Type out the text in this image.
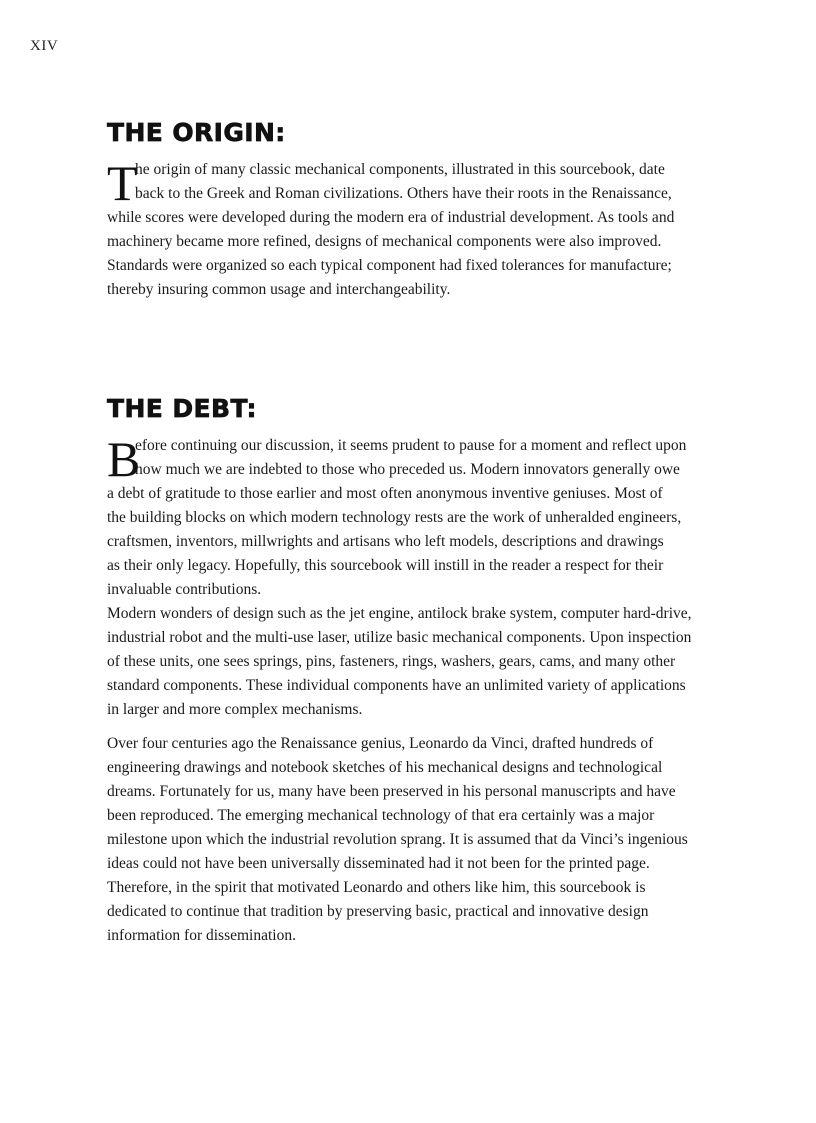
XIV
THE ORIGIN:
T

he origin of many classic mechanical components, illustrated in this sourcebook, date
back to the Greek and Roman civilizations. Others have their roots in the Renaissance,
while scores were developed during the modern era of industrial development. As tools and
machinery became more refined, designs of mechanical components were also improved.
Standards were organized so each typical component had fixed tolerances for manufacture;
thereby insuring common usage and interchangeability.

THE DEBT:
B

efore continuing our discussion, it seems prudent to pause for a moment and reflect upon
how much we are indebted to those who preceded us. Modern innovators generally owe
a debt of gratitude to those earlier and most often anonymous inventive geniuses. Most of
the building blocks on which modern technology rests are the work of unheralded engineers,
craftsmen, inventors, millwrights and artisans who left models, descriptions and drawings
as their only legacy. Hopefully, this sourcebook will instill in the reader a respect for their
invaluable contributions.

Modern wonders of design such as the jet engine, antilock brake system, computer hard-drive,
industrial robot and the multi-use laser, utilize basic mechanical components. Upon inspection
of these units, one sees springs, pins, fasteners, rings, washers, gears, cams, and many other
standard components. These individual components have an unlimited variety of applications
in larger and more complex mechanisms.

Over four centuries ago the Renaissance genius, Leonardo da Vinci, drafted hundreds of
engineering drawings and notebook sketches of his mechanical designs and technological
dreams. Fortunately for us, many have been preserved in his personal manuscripts and have
been reproduced. The emerging mechanical technology of that era certainly was a major
milestone upon which the industrial revolution sprang. It is assumed that da Vinci’s ingenious
ideas could not have been universally disseminated had it not been for the printed page.
Therefore, in the spirit that motivated Leonardo and others like him, this sourcebook is
dedicated to continue that tradition by preserving basic, practical and innovative design
information for dissemination.
